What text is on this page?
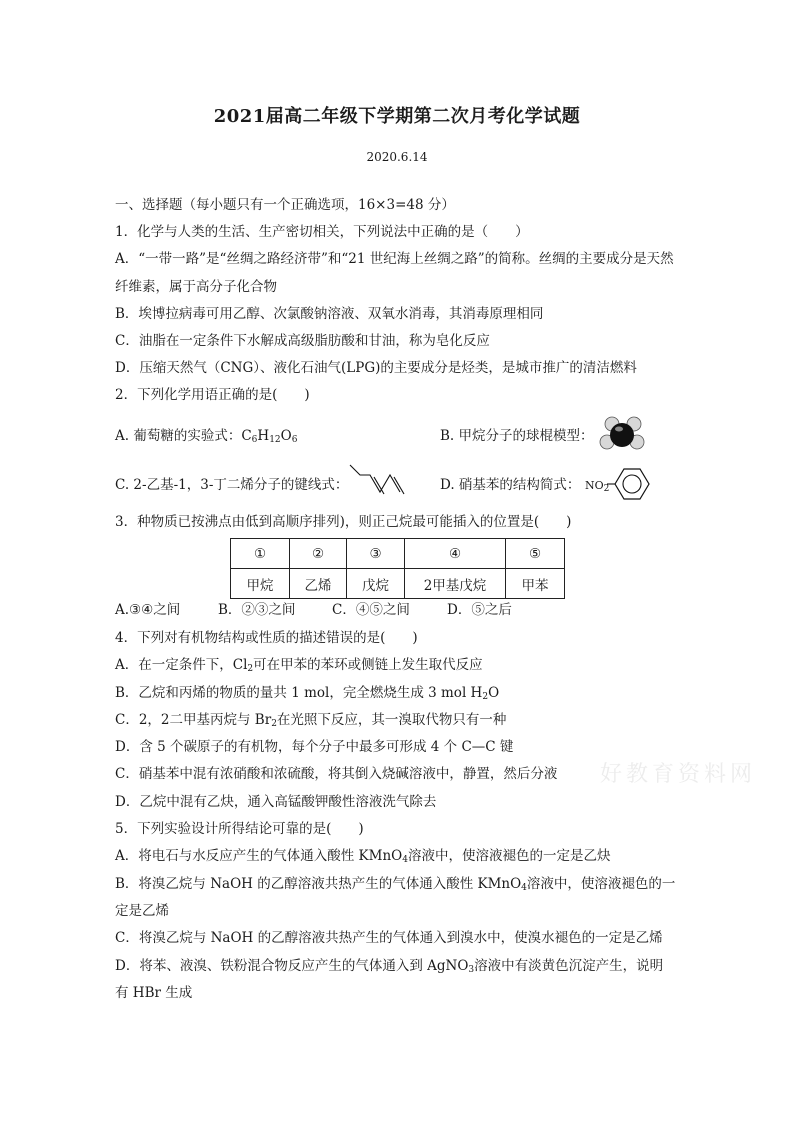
2021届高二年级下学期第二次月考化学试题
2020.6.14
一、选择题（每小题只有一个正确选项，16×3=48 分）
1．化学与人类的生活、生产密切相关，下列说法中正确的是（　　）
A．“一带一路”是“丝绸之路经济带”和“21 世纪海上丝绸之路”的简称。丝绸的主要成分是天然
纤维素，属于高分子化合物
B．埃博拉病毒可用乙醇、次氯酸钠溶液、双氧水消毒，其消毒原理相同
C．油脂在一定条件下水解成高级脂肪酸和甘油，称为皂化反应
D．压缩天然气（CNG）、液化石油气(LPG)的主要成分是烃类，是城市推广的清洁燃料
2．下列化学用语正确的是(　　)
A. 葡萄糖的实验式：$C_6H_{12}O_6$	B. 甲烷分子的球棍模型：
C. 2-乙基-1，3-丁二烯分子的键线式：	D. 硝基苯的结构简式： $NO_2$
3．种物质已按沸点由低到高顺序排列)，则正己烷最可能插入的位置是(　　)
①	②	③	④	⑤
甲烷	乙烯	戊烷	2甲基戊烷	甲苯
A.③④之间	B．②③之间	C．④⑤之间	D．⑤之后
4．下列对有机物结构或性质的描述错误的是(　　)
A．在一定条件下，$Cl_2$可在甲苯的苯环或侧链上发生取代反应
B．乙烷和丙烯的物质的量共 1 mol，完全燃烧生成 3 mol $H_2O$
C．2，2二甲基丙烷与 $Br_2$在光照下反应，其一溴取代物只有一种
D．含 5 个碳原子的有机物，每个分子中最多可形成 4 个 C—C 键
C．硝基苯中混有浓硝酸和浓硫酸，将其倒入烧碱溶液中，静置，然后分液
D．乙烷中混有乙炔，通入高锰酸钾酸性溶液洗气除去
5．下列实验设计所得结论可靠的是(　　)
A．将电石与水反应产生的气体通入酸性 KMnO$_4$溶液中，使溶液褪色的一定是乙炔
B．将溴乙烷与 NaOH 的乙醇溶液共热产生的气体通入酸性 KMnO$_4$溶液中，使溶液褪色的一
定是乙烯
C．将溴乙烷与 NaOH 的乙醇溶液共热产生的气体通入到溴水中，使溴水褪色的一定是乙烯
D．将苯、液溴、铁粉混合物反应产生的气体通入到 AgNO$_3$溶液中有淡黄色沉淀产生，说明
有 HBr 生成
好教育资料网
